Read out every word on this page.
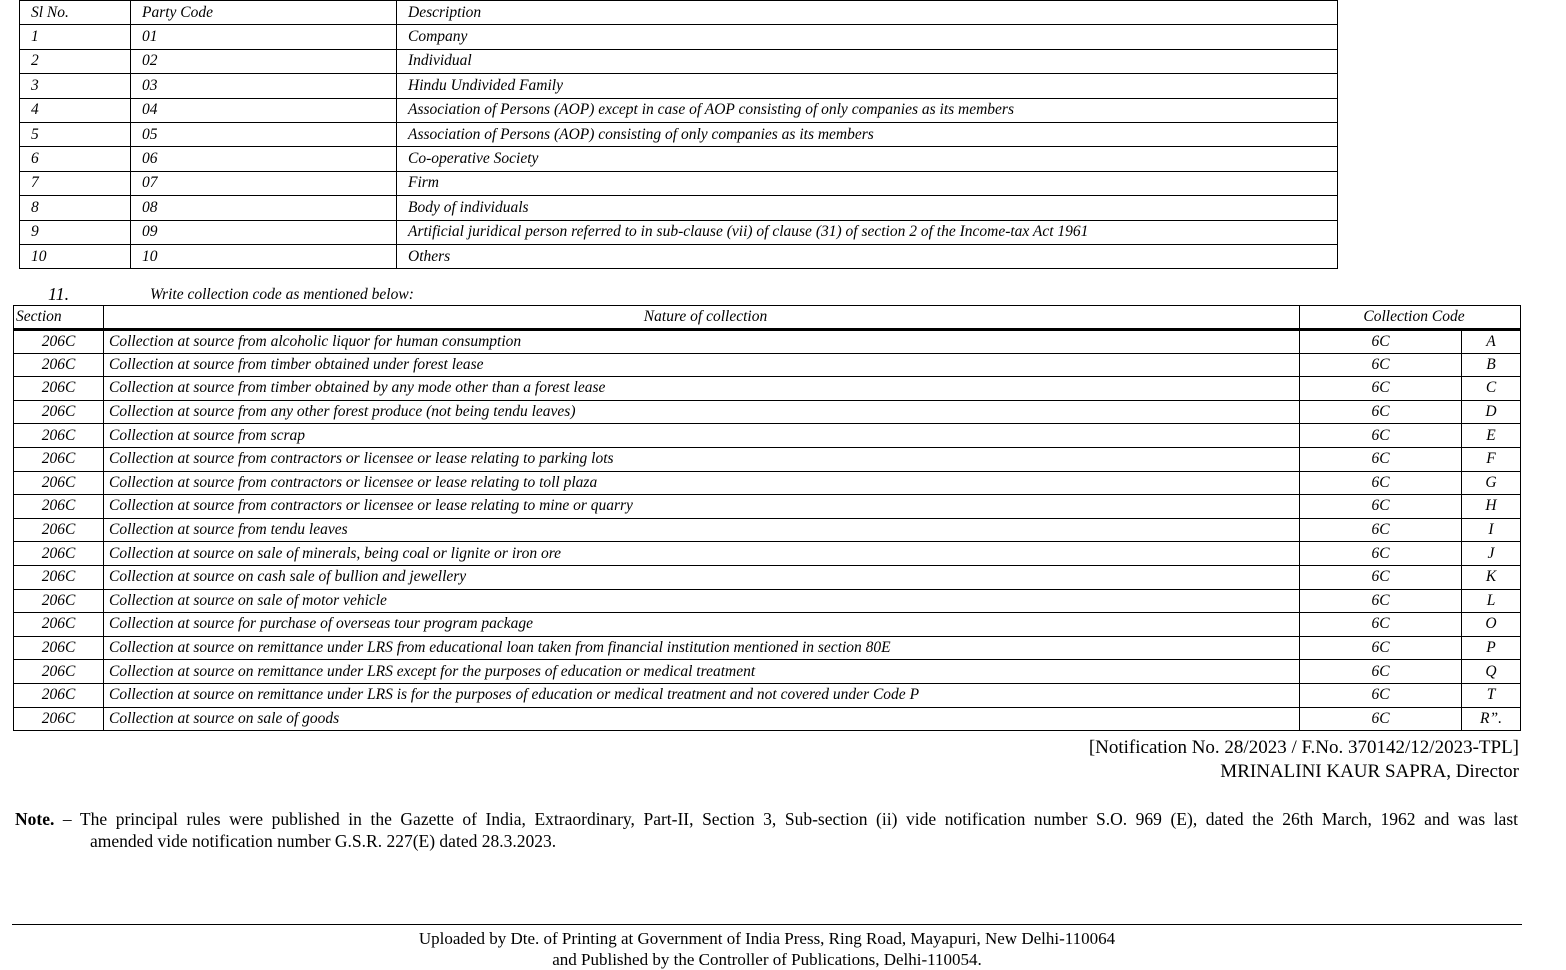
Sl No.	Party Code	Description
1	01	Company
2	02	Individual
3	03	Hindu Undivided Family
4	04	Association of Persons (AOP) except in case of AOP consisting of only companies as its members
5	05	Association of Persons (AOP) consisting of only companies as its members
6	06	Co-operative Society
7	07	Firm
8	08	Body of individuals
9	09	Artificial juridical person referred to in sub-clause (vii) of clause (31) of section 2 of the Income-tax Act 1961
10	10	Others
11.	Write collection code as mentioned below:
Section	Nature of collection	Collection Code	
206C	Collection at source from alcoholic liquor for human consumption	6C	A
206C	Collection at source from timber obtained under forest lease	6C	B
206C	Collection at source from timber obtained by any mode other than a forest lease	6C	C
206C	Collection at source from any other forest produce (not being tendu leaves)	6C	D
206C	Collection at source from scrap	6C	E
206C	Collection at source from contractors or licensee or lease relating to parking lots	6C	F
206C	Collection at source from contractors or licensee or lease relating to toll plaza	6C	G
206C	Collection at source from contractors or licensee or lease relating to mine or quarry	6C	H
206C	Collection at source from tendu leaves	6C	I
206C	Collection at source on sale of minerals, being coal or lignite or iron ore	6C	J
206C	Collection at source on cash sale of bullion and jewellery	6C	K
206C	Collection at source on sale of motor vehicle	6C	L
206C	Collection at source for purchase of overseas tour program package	6C	O
206C	Collection at source on remittance under LRS from educational loan taken from financial institution mentioned in section 80E	6C	P
206C	Collection at source on remittance under LRS except for the purposes of education or medical treatment	6C	Q
206C	Collection at source on remittance under LRS is for the purposes of education or medical treatment and not covered under Code P	6C	T
206C	Collection at source on sale of goods	6C	R”.
[Notification No. 28/2023 / F.No. 370142/12/2023-TPL]
MRINALINI KAUR SAPRA, Director
Note. – The principal rules were published in the Gazette of India, Extraordinary, Part-II, Section 3, Sub-section (ii) vide notification number S.O. 969 (E), dated the 26th March, 1962 and was last
amended vide notification number G.S.R. 227(E) dated 28.3.2023.
Uploaded by Dte. of Printing at Government of India Press, Ring Road, Mayapuri, New Delhi-110064
and Published by the Controller of Publications, Delhi-110054.
